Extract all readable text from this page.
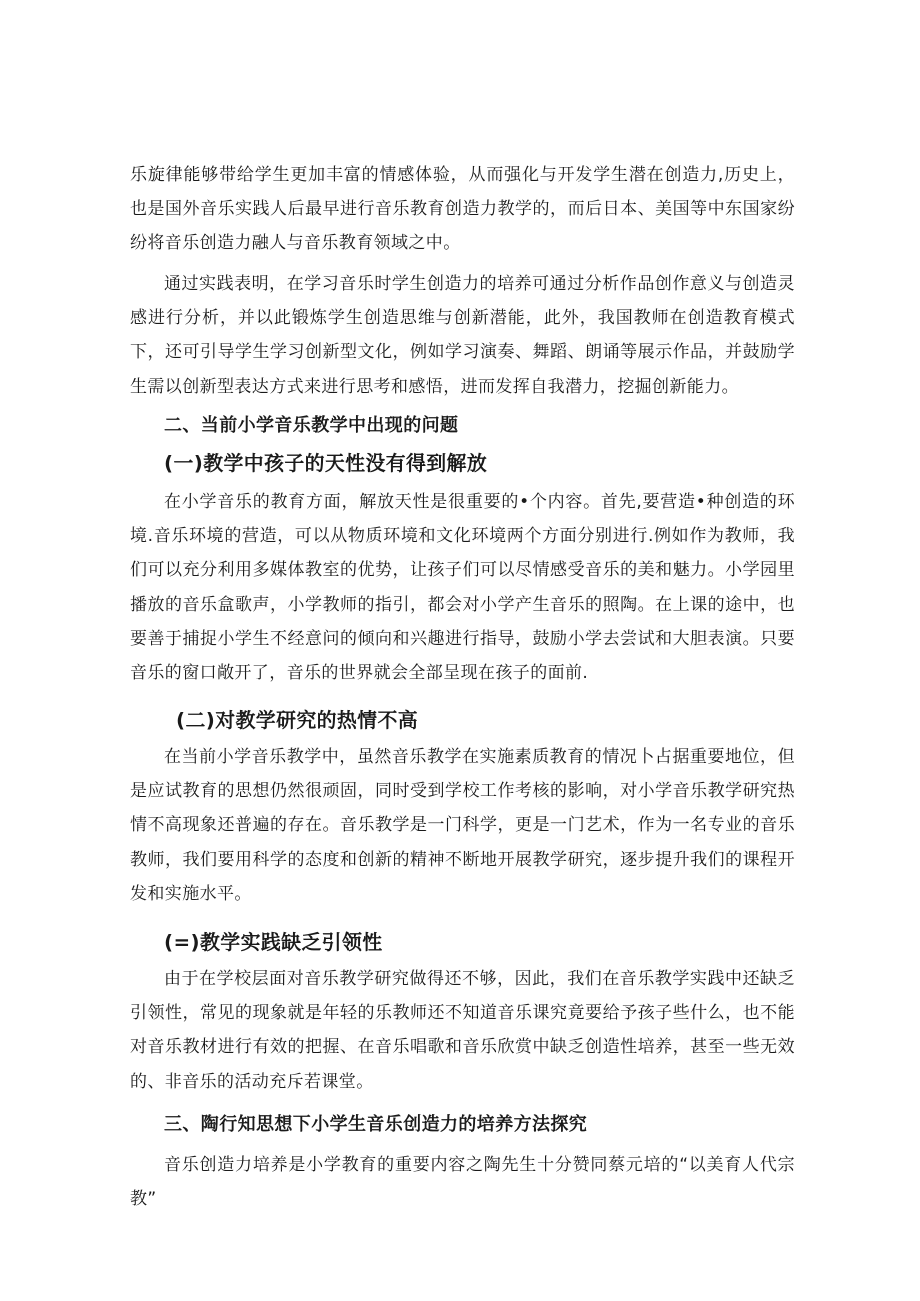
乐旋律能够带给学生更加丰富的情感体验，从而强化与开发学生潜在创造力,历史上，也是国外音乐实践人后最早进行音乐教育创造力教学的，而后日本、美国等中东国家纷纷将音乐创造力融人与音乐教育领域之中。

通过实践表明，在学习音乐时学生创造力的培养可通过分析作品创作意义与创造灵感进行分析，并以此锻炼学生创造思维与创新潜能，此外，我国教师在创造教育模式下，还可引导学生学习创新型文化，例如学习演奏、舞蹈、朗诵等展示作品，并鼓励学生需以创新型表达方式来进行思考和感悟，进而发挥自我潜力，挖掘创新能力。

二、当前小学音乐教学中出现的问题
(一)教学中孩子的天性没有得到解放

在小学音乐的教育方面，解放天性是很重要的•个内容。首先,要营造•种创造的环境.音乐环境的营造，可以从物质环境和文化环境两个方面分别进行.例如作为教师，我们可以充分利用多媒体教室的优势，让孩子们可以尽情感受音乐的美和魅力。小学园里播放的音乐盒歌声，小学教师的指引，都会对小学产生音乐的照陶。在上课的途中，也要善于捕捉小学生不经意问的倾向和兴趣进行指导，鼓励小学去尝试和大胆表演。只要音乐的窗口敞开了，音乐的世界就会全部呈现在孩子的面前.

(二)对教学研究的热情不高

在当前小学音乐教学中，虽然音乐教学在实施素质教育的情况卜占据重要地位，但是应试教育的思想仍然很顽固，同时受到学校工作考核的影响，对小学音乐教学研究热情不高现象还普遍的存在。音乐教学是一门科学，更是一门艺术，作为一名专业的音乐教师，我们要用科学的态度和创新的精神不断地开展教学研究，逐步提升我们的课程开发和实施水平。

(=)教学实践缺乏引领性

由于在学校层面对音乐教学研究做得还不够，因此，我们在音乐教学实践中还缺乏引领性，常见的现象就是年轻的乐教师还不知道音乐课究竟要给予孩子些什么，也不能对音乐教材进行有效的把握、在音乐唱歌和音乐欣赏中缺乏创造性培养，甚至一些无效的、非音乐的活动充斥若课堂。

三、陶行知思想下小学生音乐创造力的培养方法探究

音乐创造力培养是小学教育的重要内容之陶先生十分赞同蔡元培的“以美育人代宗教”
